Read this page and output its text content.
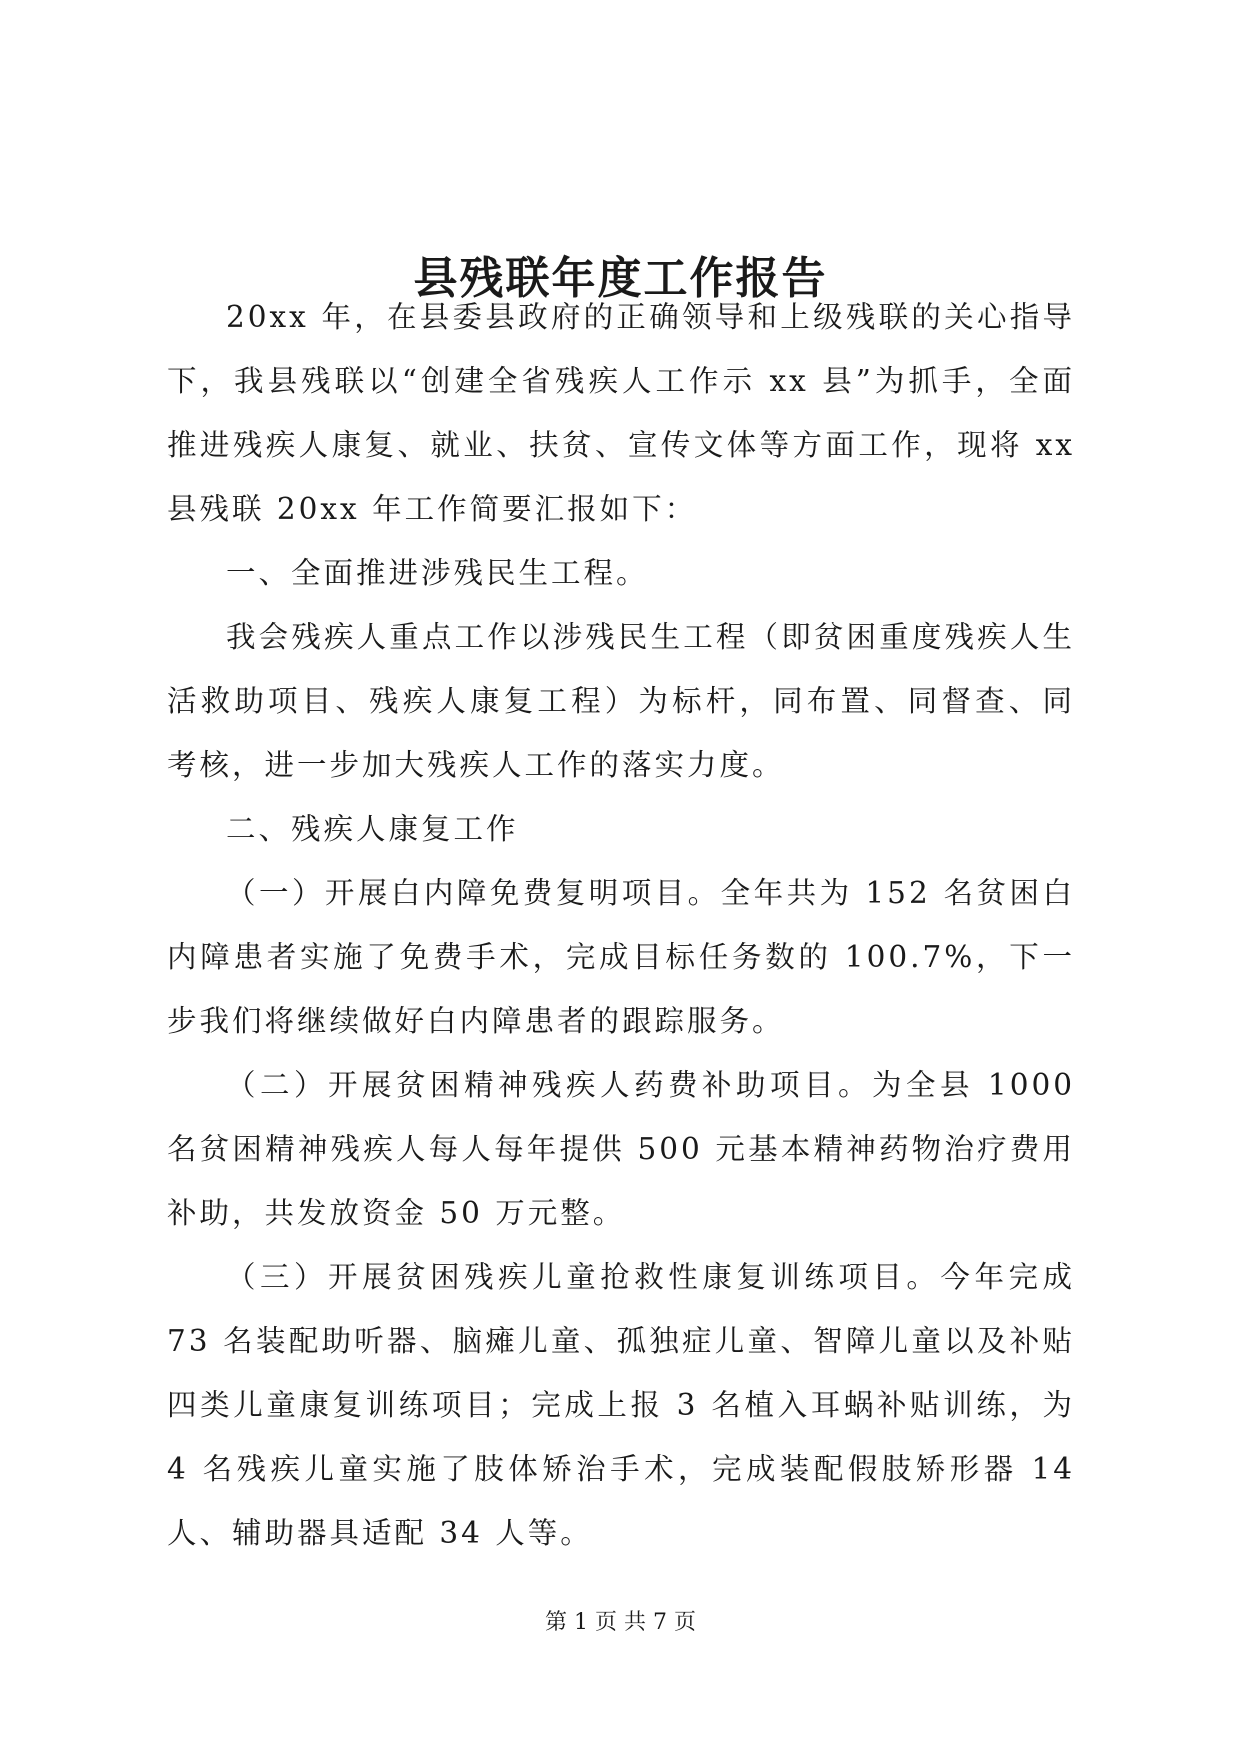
县残联年度工作报告

20xx 年，在县委县政府的正确领导和上级残联的关心指导下，我县残联以“创建全省残疾人工作示 xx 县”为抓手，全面推进残疾人康复、就业、扶贫、宣传文体等方面工作，现将 xx 县残联 20xx 年工作简要汇报如下：

一、全面推进涉残民生工程。

我会残疾人重点工作以涉残民生工程（即贫困重度残疾人生活救助项目、残疾人康复工程）为标杆，同布置、同督查、同考核，进一步加大残疾人工作的落实力度。

二、残疾人康复工作

（一）开展白内障免费复明项目。全年共为 152 名贫困白内障患者实施了免费手术，完成目标任务数的 100.7%，下一步我们将继续做好白内障患者的跟踪服务。

（二）开展贫困精神残疾人药费补助项目。为全县 1000 名贫困精神残疾人每人每年提供 500 元基本精神药物治疗费用补助，共发放资金 50 万元整。

（三）开展贫困残疾儿童抢救性康复训练项目。今年完成 73 名装配助听器、脑瘫儿童、孤独症儿童、智障儿童以及补贴四类儿童康复训练项目；完成上报 3 名植入耳蜗补贴训练，为 4 名残疾儿童实施了肢体矫治手术，完成装配假肢矫形器 14 人、辅助器具适配 34 人等。

第 1 页 共 7 页
